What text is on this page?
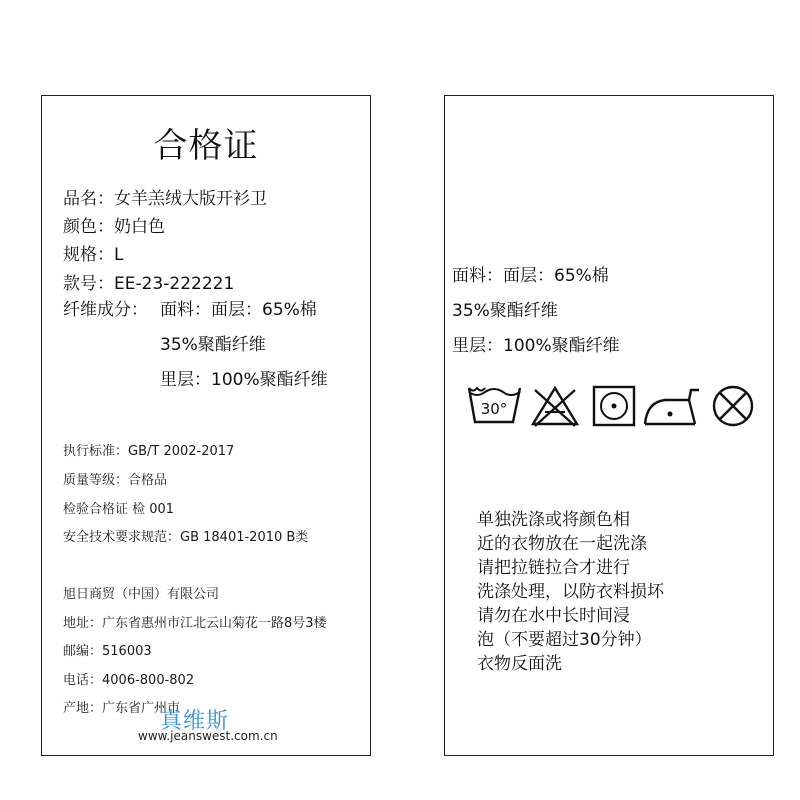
合格证
品名：女羊羔绒大版开衫卫
颜色：奶白色
规格：L
款号：EE-23-222221
纤维成分： 面料：面层：65%棉
35%聚酯纤维
里层：100%聚酯纤维
执行标准：GB/T 2002-2017
质量等级：合格品
检验合格证 检 001
安全技术要求规范：GB 18401-2010 B类
旭日商贸（中国）有限公司
地址：广东省惠州市江北云山菊花一路8号3楼
邮编：516003
电话：4006-800-802
产地：广东省广州市
真维斯
www.jeanswest.com.cn
面料：面层：65%棉
35%聚酯纤维
里层：100%聚酯纤维
30°
单独洗涤或将颜色相
近的衣物放在一起洗涤
请把拉链拉合才进行
洗涤处理，以防衣料损坏
请勿在水中长时间浸
泡（不要超过30分钟）
衣物反面洗
